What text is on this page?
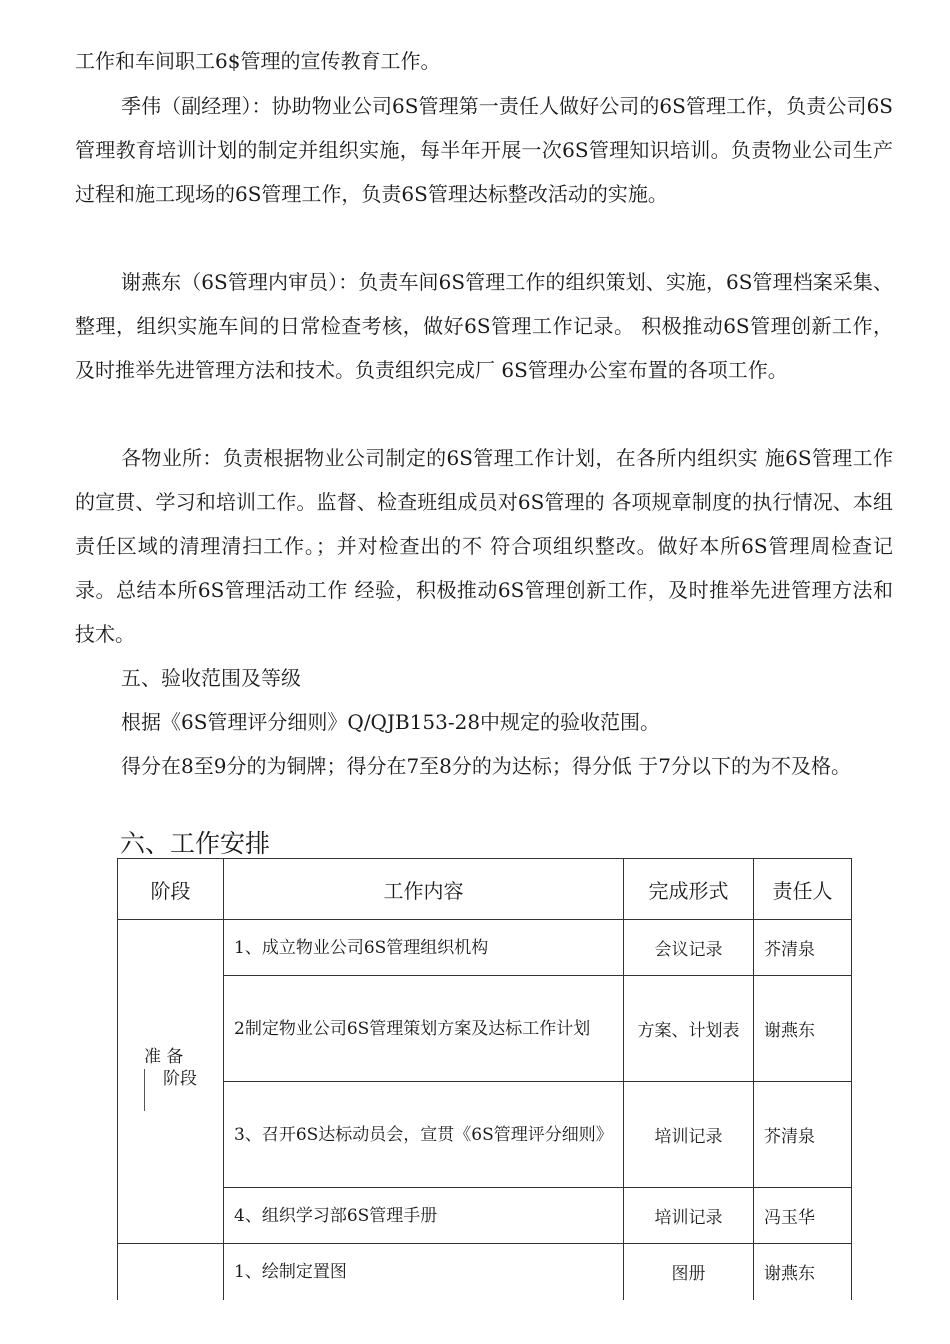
工作和车间职工6$管理的宣传教育工作。

季伟（副经理）：协助物业公司6S管理第一责任人做好公司的6S管理工作，负责公司6S管理教育培训计划的制定并组织实施，每半年开展一次6S管理知识培训。负责物业公司生产过程和施工现场的6S管理工作，负责6S管理达标整改活动的实施。

谢燕东（6S管理内审员）：负责车间6S管理工作的组织策划、实施，6S管理档案采集、整理，组织实施车间的日常检查考核，做好6S管理工作记录。 积极推动6S管理创新工作，及时推举先进管理方法和技术。负责组织完成厂 6S管理办公室布置的各项工作。

各物业所：负责根据物业公司制定的6S管理工作计划，在各所内组织实 施6S管理工作的宣贯、学习和培训工作。监督、检查班组成员对6S管理的 各项规章制度的执行情况、本组责任区域的清理清扫工作。；并对检查出的不 符合项组织整改。做好本所6S管理周检查记录。总结本所6S管理活动工作 经验，积极推动6S管理创新工作，及时推举先进管理方法和技术。

五、验收范围及等级

根据《6S管理评分细则》Q/QJB153-28中规定的验收范围。

得分在8至9分的为铜牌；得分在7至8分的为达标；得分低 于7分以下的为不及格。

六、工作安排
阶段	工作内容	完成形式	责任人

准 备
阶段	1、成立物业公司6S管理组织机构	会议记录	芥清泉
	2制定物业公司6S管理策划方案及达标工作计划	方案、计划表	谢燕东
	3、召开6S达标动员会，宣贯《6S管理评分细则》	培训记录	芥清泉
	4、组织学习部6S管理手册	培训记录	冯玉华
	1、绘制定置图	图册	谢燕东
